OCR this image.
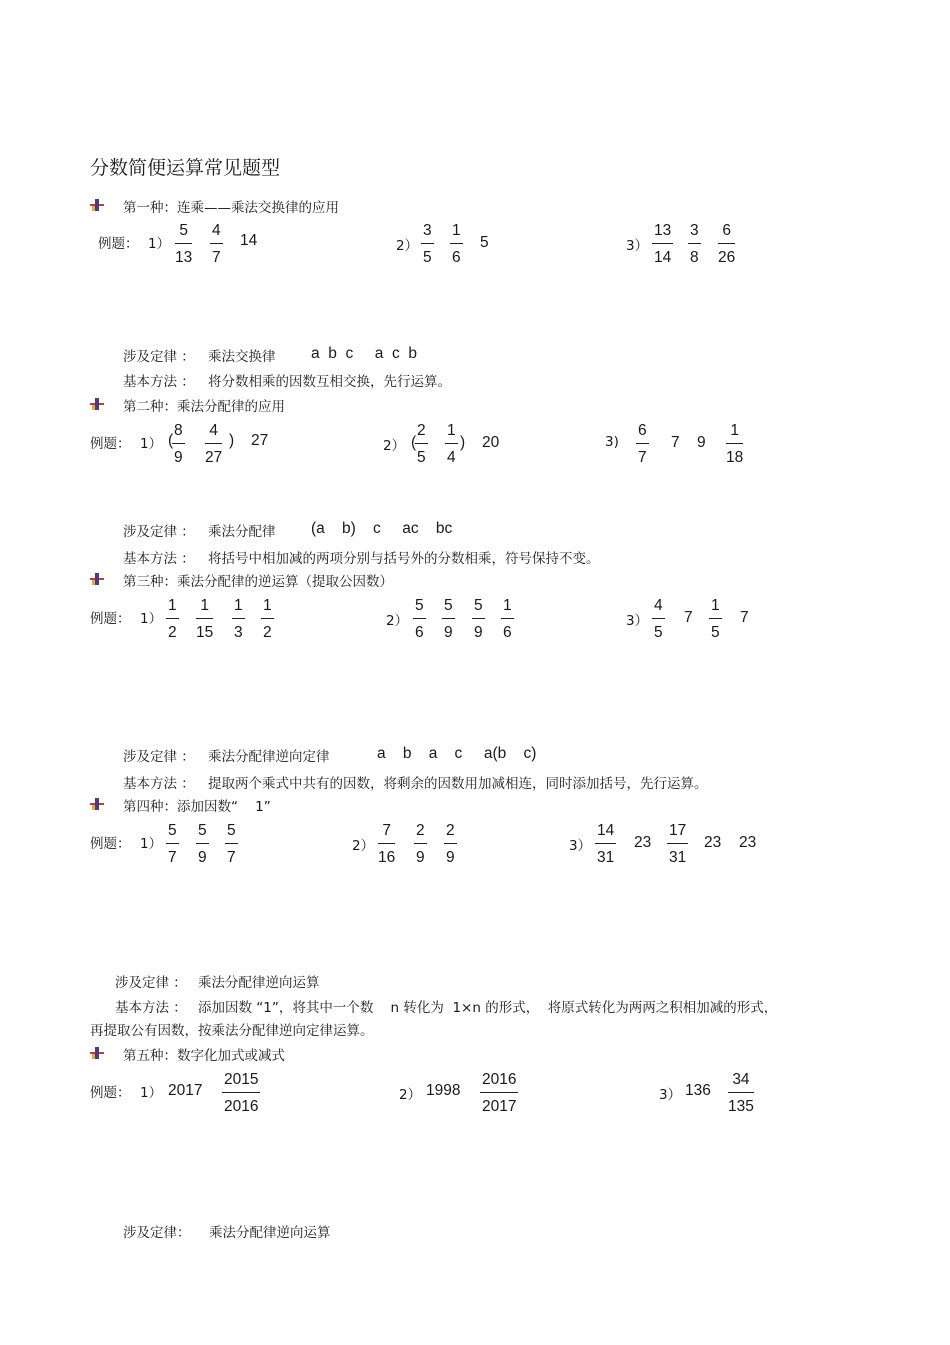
分数简便运算常见题型
第一种：连乘——乘法交换律的应用
例题： 1）
5
13
4
7
14	2）
3
5
1
6
5	3）
13
14
3
8
6
26
涉及定律 ： 乘法交换律 a  b  c     a  c  b
基本方法 ： 将分数相乘的因数互相交换，先行运算。
第二种：乘法分配律的应用
例题： 1） (
8
9
4
27
) 27	2） (
2
5
1
4
) 20	3)
6
7
7 9
1
18
涉及定律 ： 乘法分配律 (a    b)    c     ac    bc
基本方法 ： 将括号中相加减的两项分别与括号外的分数相乘，符号保持不变。
第三种：乘法分配律的逆运算（提取公因数）
例题： 1）
1
2
1
15
1
3
1
2
2）
5
6
5
9
5
9
1
6
3）
4
5
7
1
5
7
涉及定律 ： 乘法分配律逆向定律	a    b    a    c     a(b    c)
基本方法 ： 提取两个乘式中共有的因数，将剩余的因数用加减相连，同时添加括号，先行运算。
第四种：添加因数“    1”
例题： 1）
5
7
5
9
5
7
2）
7
16
2
9
2
9
3）
14
31
23
17
31
23 23
涉及定律 ： 乘法分配律逆向运算
基本方法 ： 添加因数 “1”，将其中一个数    n 转化为  1×n 的形式，  将原式转化为两两之积相加减的形式，
再提取公有因数，按乘法分配律逆向定律运算。
第五种：数字化加式或减式
例题： 1） 2017
2015
2016
2） 1998
2016
2017
3） 136
34
135
涉及定律： 乘法分配律逆向运算
